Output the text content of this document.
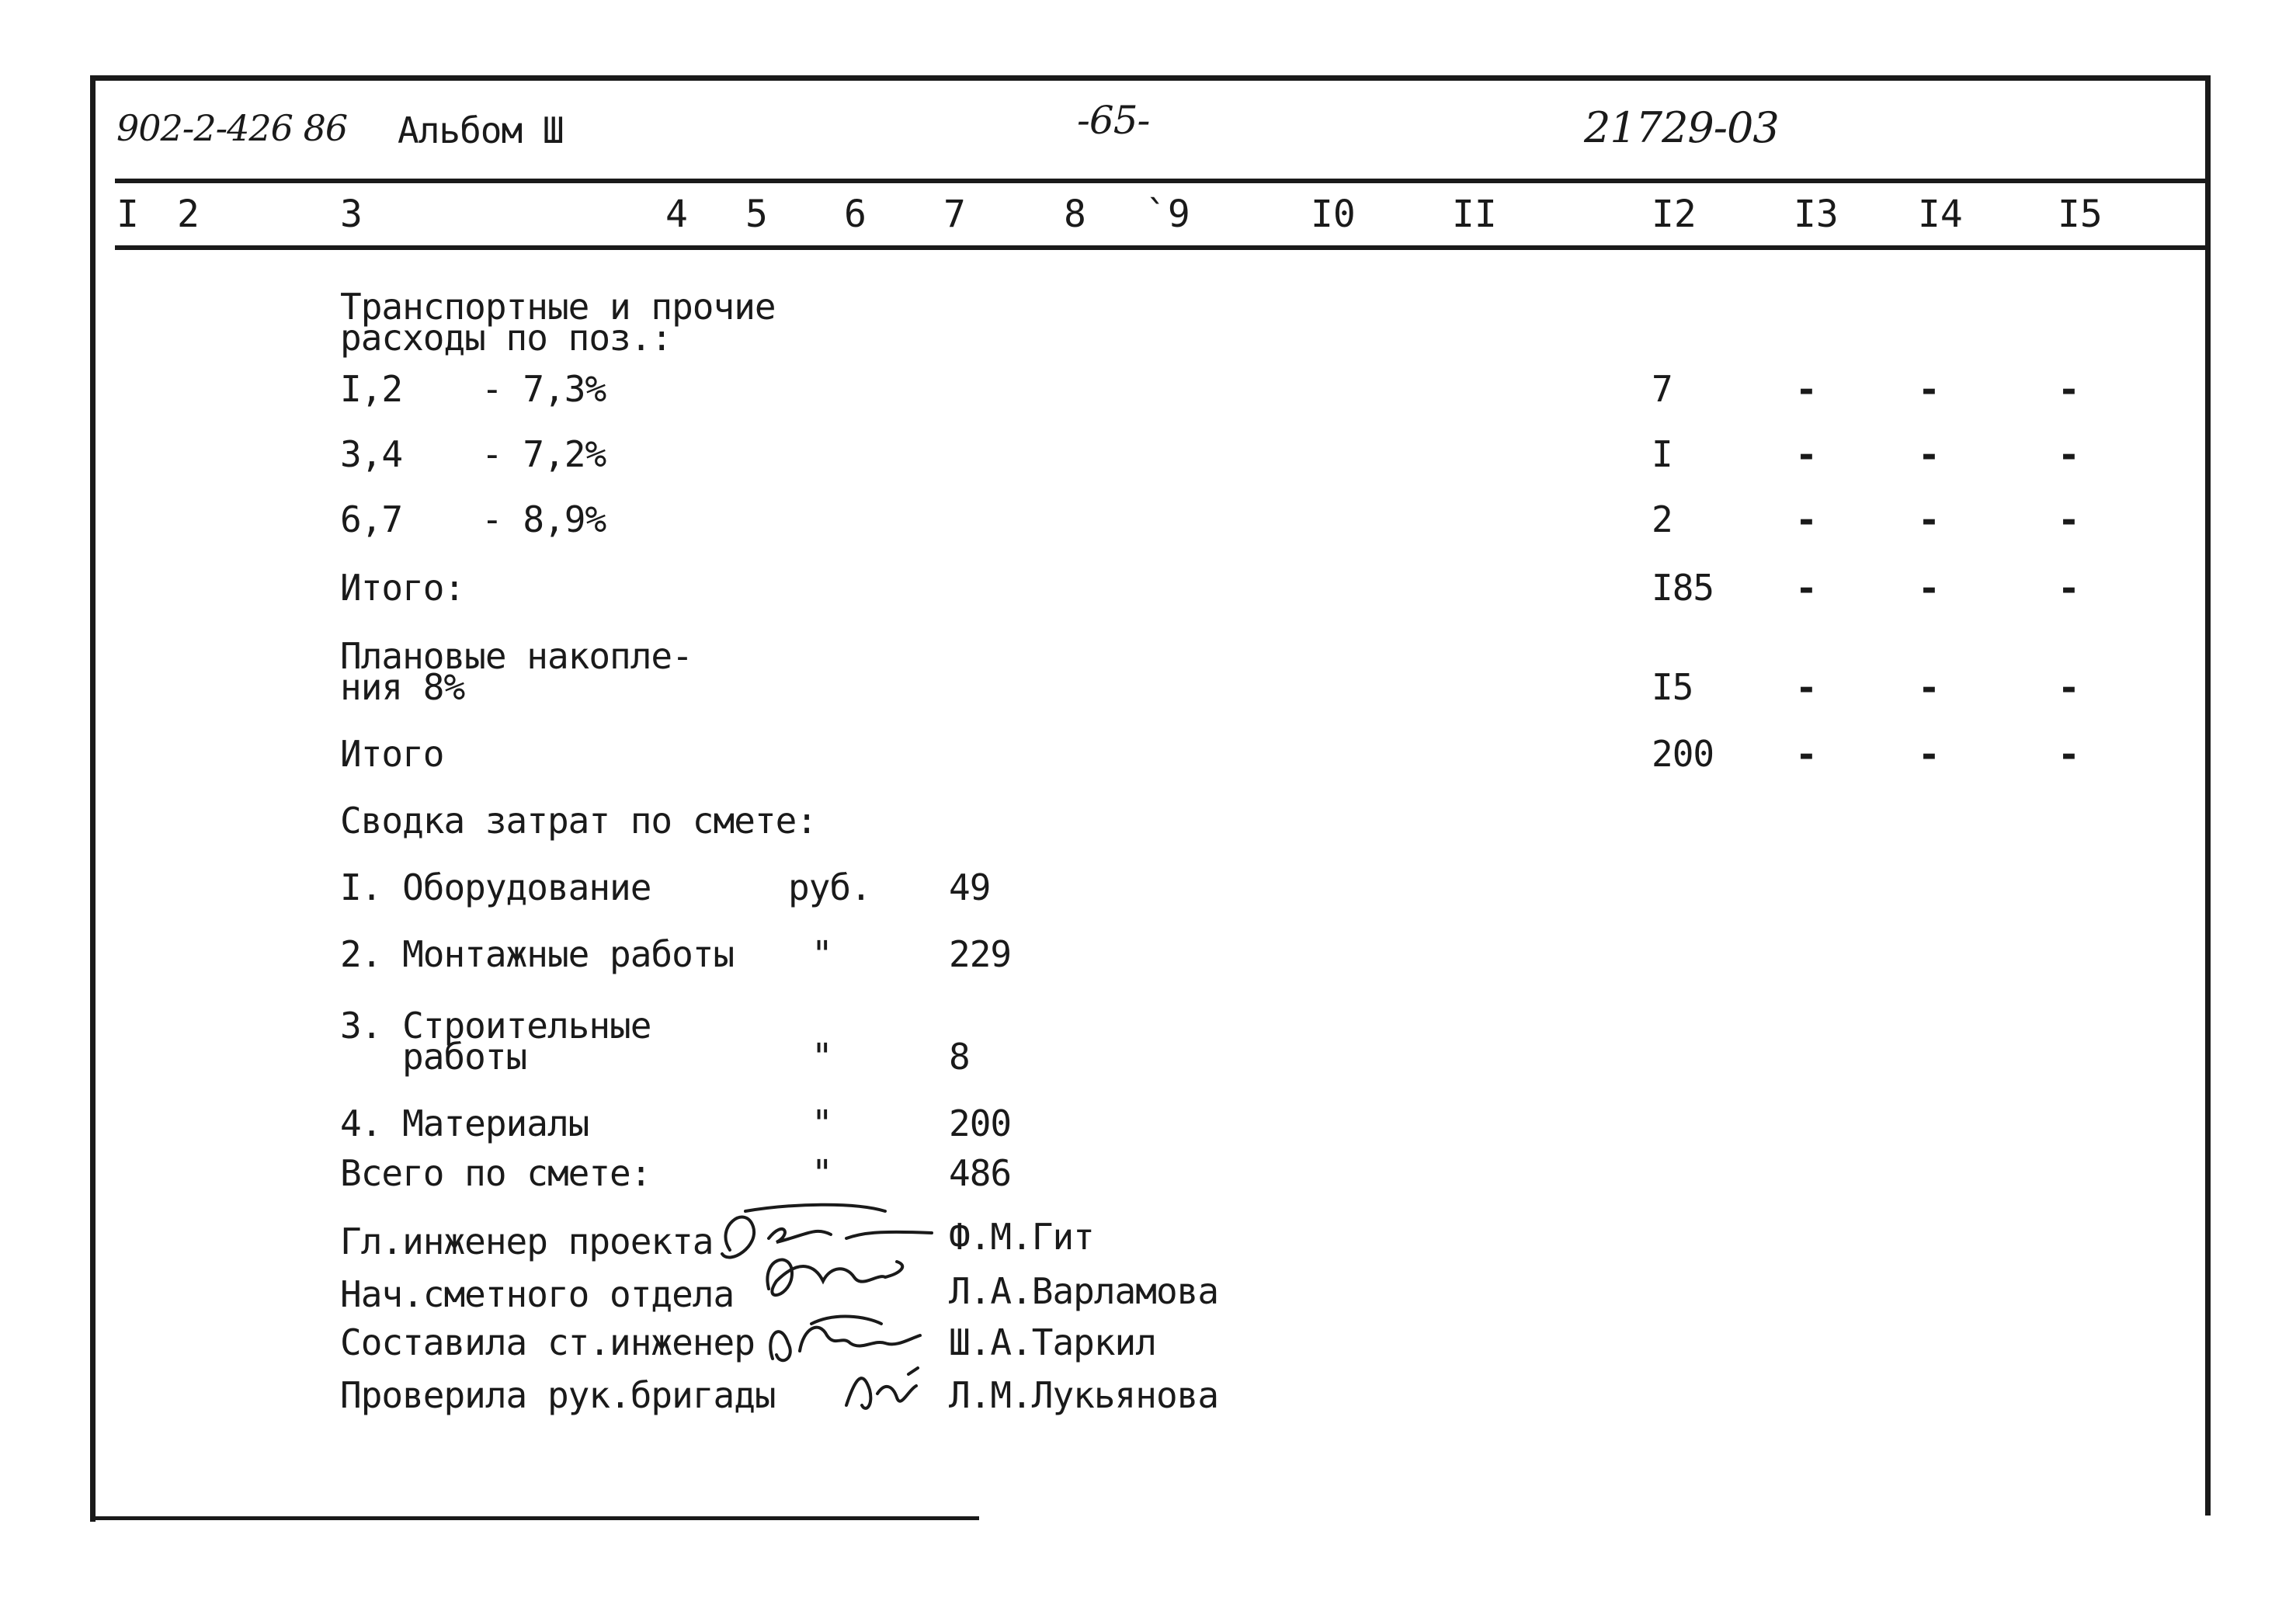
902-2-426 86 Альбом Ш	-65-	21729-03
I 2	3	4 5 6 7	8 `9	I0	II	I2	I3 I4	I5
Транспортные и прочие
расходы по поз.:
I,2 - 7,3%	7	-	-	-
3,4 - 7,2%	I	-	-	-
6,7 - 8,9%	2	-	-	-
Итого:	I85 -	-	-
Плановые накопле-
ния 8%	I5	-	-	-
Итого	200 -	-	-
Сводка затрат по смете:
I. Оборудование	руб. 49
2. Монтажные работы "	229
З. Строительные
работы	"	8
4. Материалы	"	200
Всего по смете:	"	486
Гл.инженер проекта	Ф.М.Гит
Нач.сметного отдела	Л.А.Варламова
Составила ст.инженер	Ш.А.Таркил
Проверила рук.бригады	Л.М.Лукьянова
